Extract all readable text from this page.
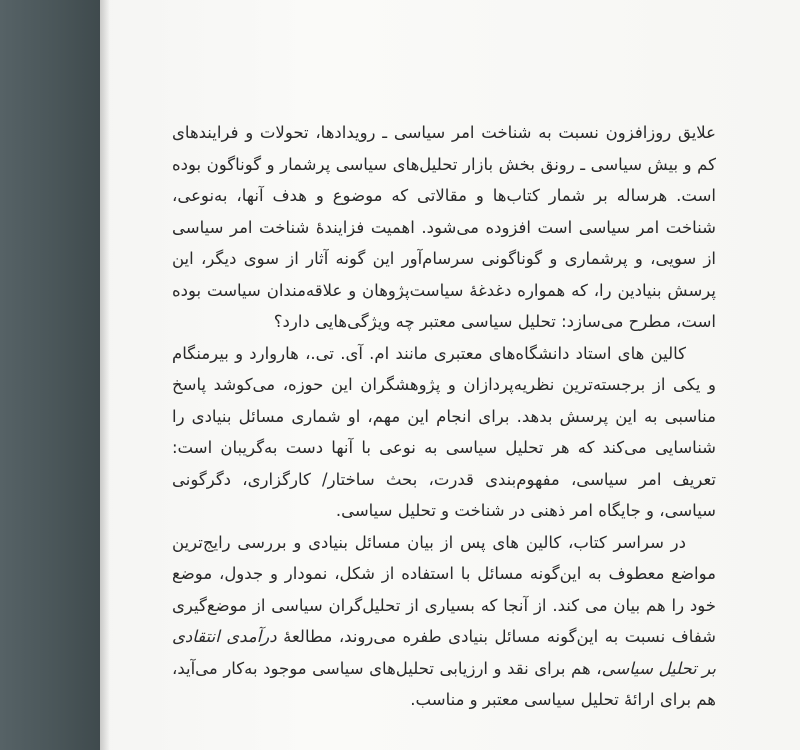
علایق روزافزون نسبت به شناخت امر سیاسی ـ رویدادها، تحولات و فرایندهای کم و بیش سیاسی ـ رونق بخش بازار تحلیل‌های سیاسی پرشمار و گوناگون بوده است. هرساله بر شمار کتاب‌ها و مقالاتی که موضوع و هدف آنها، به‌نوعی، شناخت امر سیاسی است افزوده می‌شود. اهمیت فزایندهٔ شناخت امر سیاسی از سویی، و پرشماری و گوناگونی سرسام‌آور این گونه آثار از سوی دیگر، این پرسش بنیادین را، که همواره دغدغهٔ سیاست‌پژوهان و علاقه‌مندان سیاست بوده است، مطرح می‌سازد: تحلیل سیاسی معتبر چه ویژگی‌هایی دارد؟

کالین های استاد دانشگاه‌های معتبری مانند ام. آی. تی.، هاروارد و بیرمنگام و یکی از برجسته‌ترین نظریه‌پردازان و پژوهشگران این حوزه، می‌کوشد پاسخ مناسبی به این پرسش بدهد. برای انجام این مهم، او شماری مسائل بنیادی را شناسایی می‌کند که هر تحلیل سیاسی به نوعی با آنها دست به‌گریبان است: تعریف امر سیاسی، مفهوم‌بندی قدرت، بحث ساختار/ کارگزاری، دگرگونی سیاسی، و جایگاه امر ذهنی در شناخت و تحلیل سیاسی.

در سراسر کتاب، کالین های پس از بیان مسائل بنیادی و بررسی رایج‌ترین مواضع معطوف به این‌گونه مسائل با استفاده از شکل، نمودار و جدول، موضع خود را هم بیان می کند. از آنجا که بسیاری از تحلیل‌گران سیاسی از موضع‌گیری شفاف نسبت به این‌گونه مسائل بنیادی طفره می‌روند، مطالعهٔ درآمدی انتقادی بر تحلیل سیاسی، هم برای نقد و ارزیابی تحلیل‌های سیاسی موجود به‌کار می‌آید، هم برای ارائهٔ تحلیل سیاسی معتبر و مناسب.
